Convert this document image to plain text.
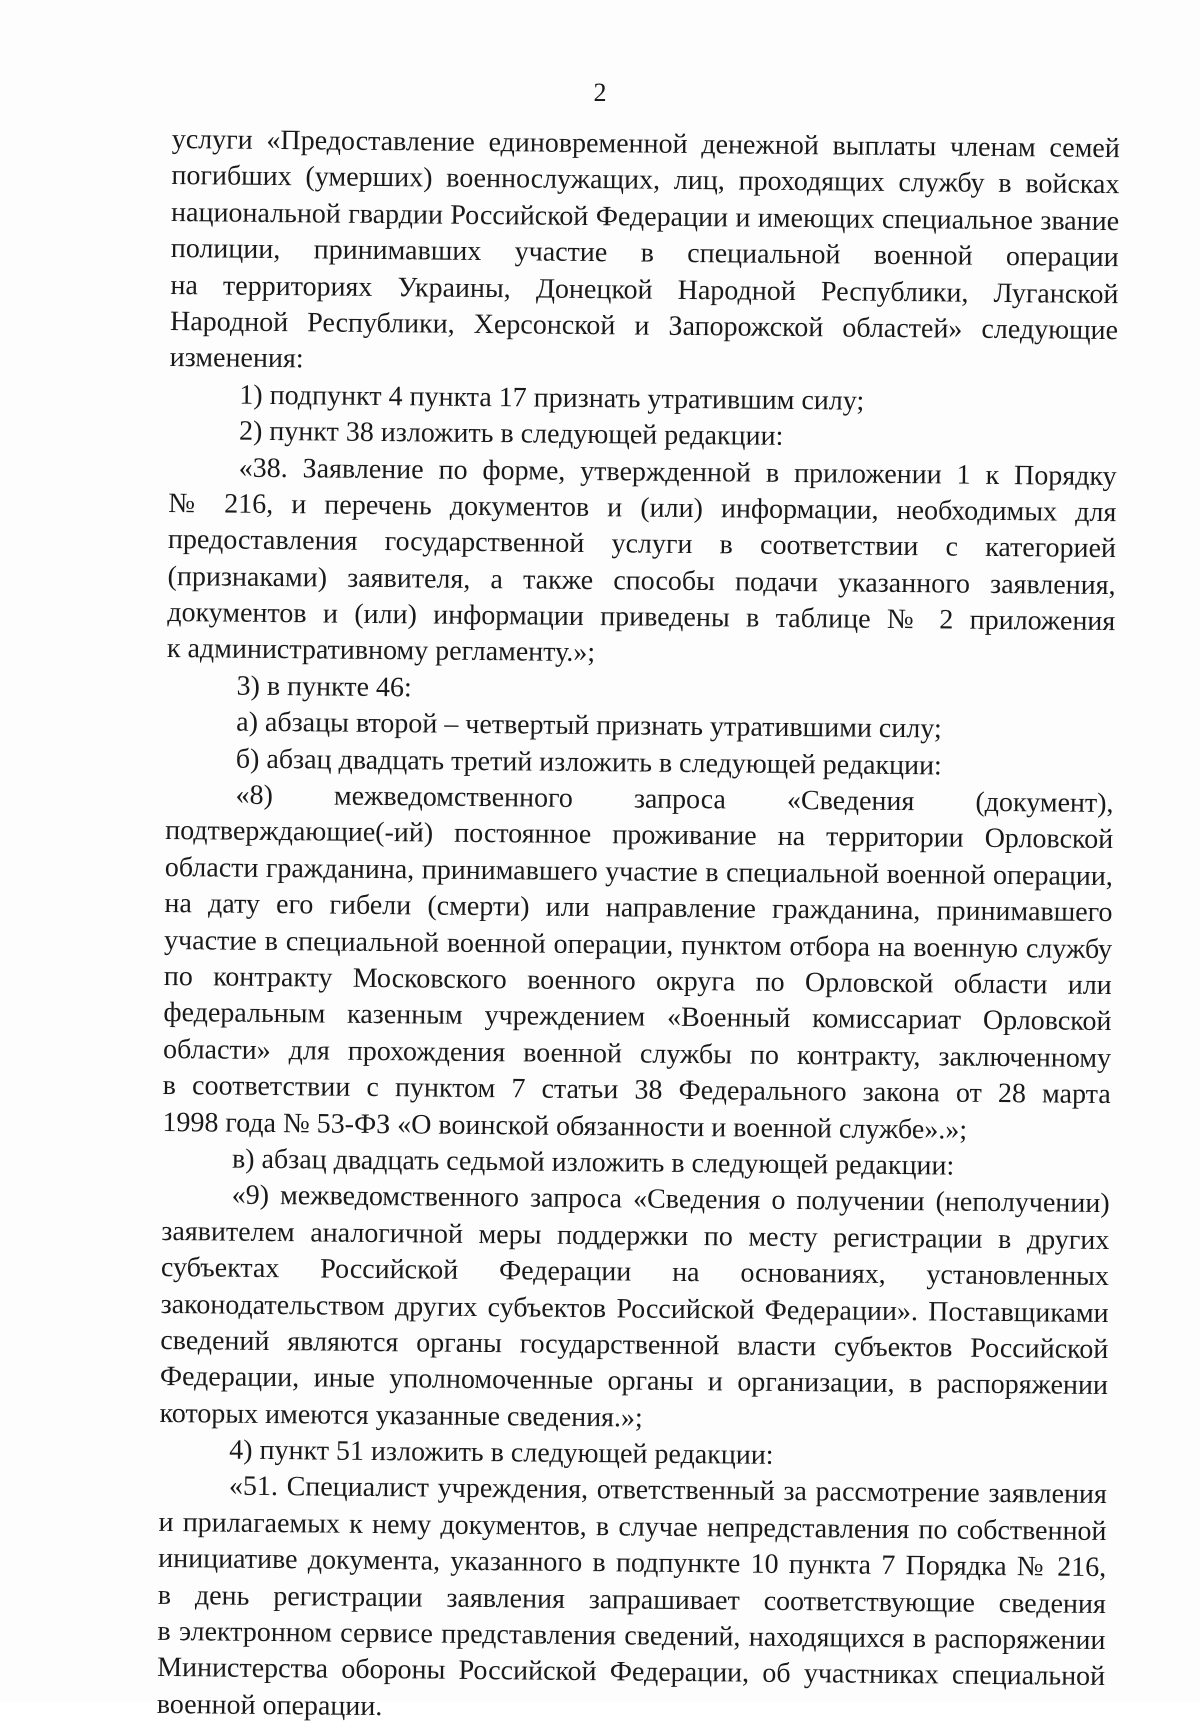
2
услуги «Предоставление единовременной денежной выплаты членам семей
погибших (умерших) военнослужащих, лиц, проходящих службу в войсках
национальной гвардии Российской Федерации и имеющих специальное звание
полиции, принимавших участие в специальной военной операции
на территориях Украины, Донецкой Народной Республики, Луганской
Народной Республики, Херсонской и Запорожской областей» следующие
изменения:
1) подпункт 4 пункта 17 признать утратившим силу;
2) пункт 38 изложить в следующей редакции:
«38. Заявление по форме, утвержденной в приложении 1 к Порядку
№ 216, и перечень документов и (или) информации, необходимых для
предоставления государственной услуги в соответствии с категорией
(признаками) заявителя, а также способы подачи указанного заявления,
документов и (или) информации приведены в таблице № 2 приложения
к административному регламенту.»;
3) в пункте 46:
а) абзацы второй – четвертый признать утратившими силу;
б) абзац двадцать третий изложить в следующей редакции:
«8) межведомственного запроса «Сведения (документ),
подтверждающие(-ий) постоянное проживание на территории Орловской
области гражданина, принимавшего участие в специальной военной операции,
на дату его гибели (смерти) или направление гражданина, принимавшего
участие в специальной военной операции, пунктом отбора на военную службу
по контракту Московского военного округа по Орловской области или
федеральным казенным учреждением «Военный комиссариат Орловской
области» для прохождения военной службы по контракту, заключенному
в соответствии с пунктом 7 статьи 38 Федерального закона от 28 марта
1998 года № 53-ФЗ «О воинской обязанности и военной службе».»;
в) абзац двадцать седьмой изложить в следующей редакции:
«9) межведомственного запроса «Сведения о получении (неполучении)
заявителем аналогичной меры поддержки по месту регистрации в других
субъектах Российской Федерации на основаниях, установленных
законодательством других субъектов Российской Федерации». Поставщиками
сведений являются органы государственной власти субъектов Российской
Федерации, иные уполномоченные органы и организации, в распоряжении
которых имеются указанные сведения.»;
4) пункт 51 изложить в следующей редакции:
«51. Специалист учреждения, ответственный за рассмотрение заявления
и прилагаемых к нему документов, в случае непредставления по собственной
инициативе документа, указанного в подпункте 10 пункта 7 Порядка № 216,
в день регистрации заявления запрашивает соответствующие сведения
в электронном сервисе представления сведений, находящихся в распоряжении
Министерства обороны Российской Федерации, об участниках специальной
военной операции.
